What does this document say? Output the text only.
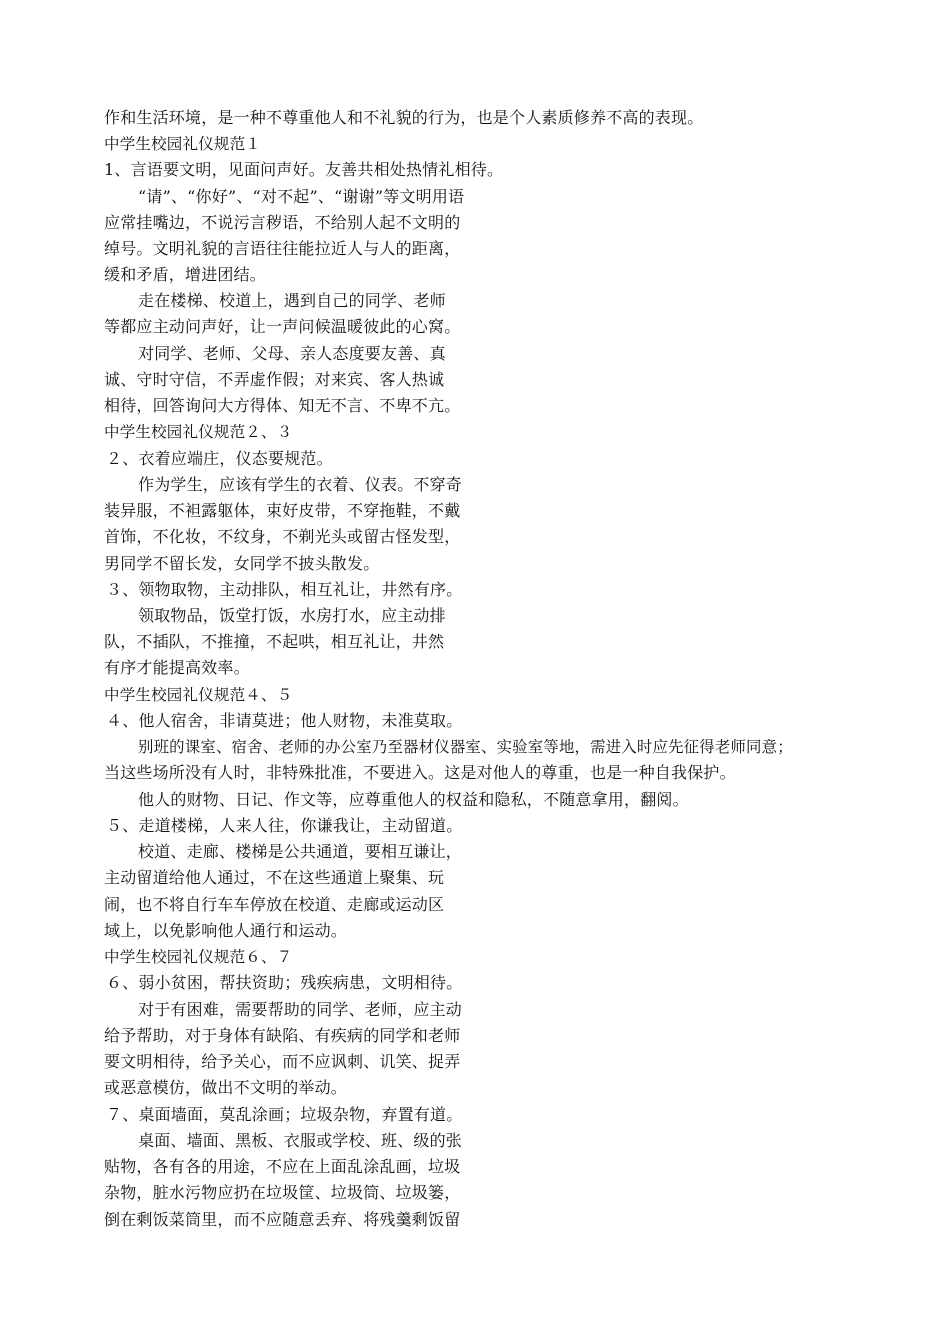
作和生活环境，是一种不尊重他人和不礼貌的行为，也是个人素质修养不高的表现。
中学生校园礼仪规范１
1、言语要文明，见面问声好。友善共相处热情礼相待。
“请”、“你好”、“对不起”、“谢谢”等文明用语
应常挂嘴边，不说污言秽语，不给别人起不文明的
绰号。文明礼貌的言语往往能拉近人与人的距离，
缓和矛盾，增进团结。
走在楼梯、校道上，遇到自己的同学、老师
等都应主动问声好，让一声问候温暖彼此的心窝。
对同学、老师、父母、亲人态度要友善、真
诚、守时守信，不弄虚作假；对来宾、客人热诚
相待，回答询问大方得体、知无不言、不卑不亢。
中学生校园礼仪规范２、３
２、衣着应端庄，仪态要规范。
作为学生，应该有学生的衣着、仪表。不穿奇
装异服，不袒露躯体，束好皮带，不穿拖鞋，不戴
首饰，不化妆，不纹身，不剃光头或留古怪发型，
男同学不留长发，女同学不披头散发。
３、领物取物，主动排队，相互礼让，井然有序。
领取物品，饭堂打饭，水房打水，应主动排
队，不插队，不推撞，不起哄，相互礼让，井然
有序才能提高效率。
中学生校园礼仪规范４、５
４、他人宿舍，非请莫进；他人财物，未准莫取。
别班的课室、宿舍、老师的办公室乃至器材仪器室、实验室等地，需进入时应先征得老师同意；
当这些场所没有人时，非特殊批准，不要进入。这是对他人的尊重，也是一种自我保护。
他人的财物、日记、作文等，应尊重他人的权益和隐私，不随意拿用，翻阅。
５、走道楼梯，人来人往，你谦我让，主动留道。
校道、走廊、楼梯是公共通道，要相互谦让，
主动留道给他人通过，不在这些通道上聚集、玩
闹，也不将自行车车停放在校道、走廊或运动区
域上，以免影响他人通行和运动。
中学生校园礼仪规范６、７
６、弱小贫困，帮扶资助；残疾病患，文明相待。
对于有困难，需要帮助的同学、老师，应主动
给予帮助，对于身体有缺陷、有疾病的同学和老师
要文明相待，给予关心，而不应讽刺、讥笑、捉弄
或恶意模仿，做出不文明的举动。
７、桌面墙面，莫乱涂画；垃圾杂物，弃置有道。
桌面、墙面、黑板、衣服或学校、班、级的张
贴物，各有各的用途，不应在上面乱涂乱画，垃圾
杂物，脏水污物应扔在垃圾筐、垃圾筒、垃圾篓，
倒在剩饭菜筒里，而不应随意丢弃、将残羹剩饭留
